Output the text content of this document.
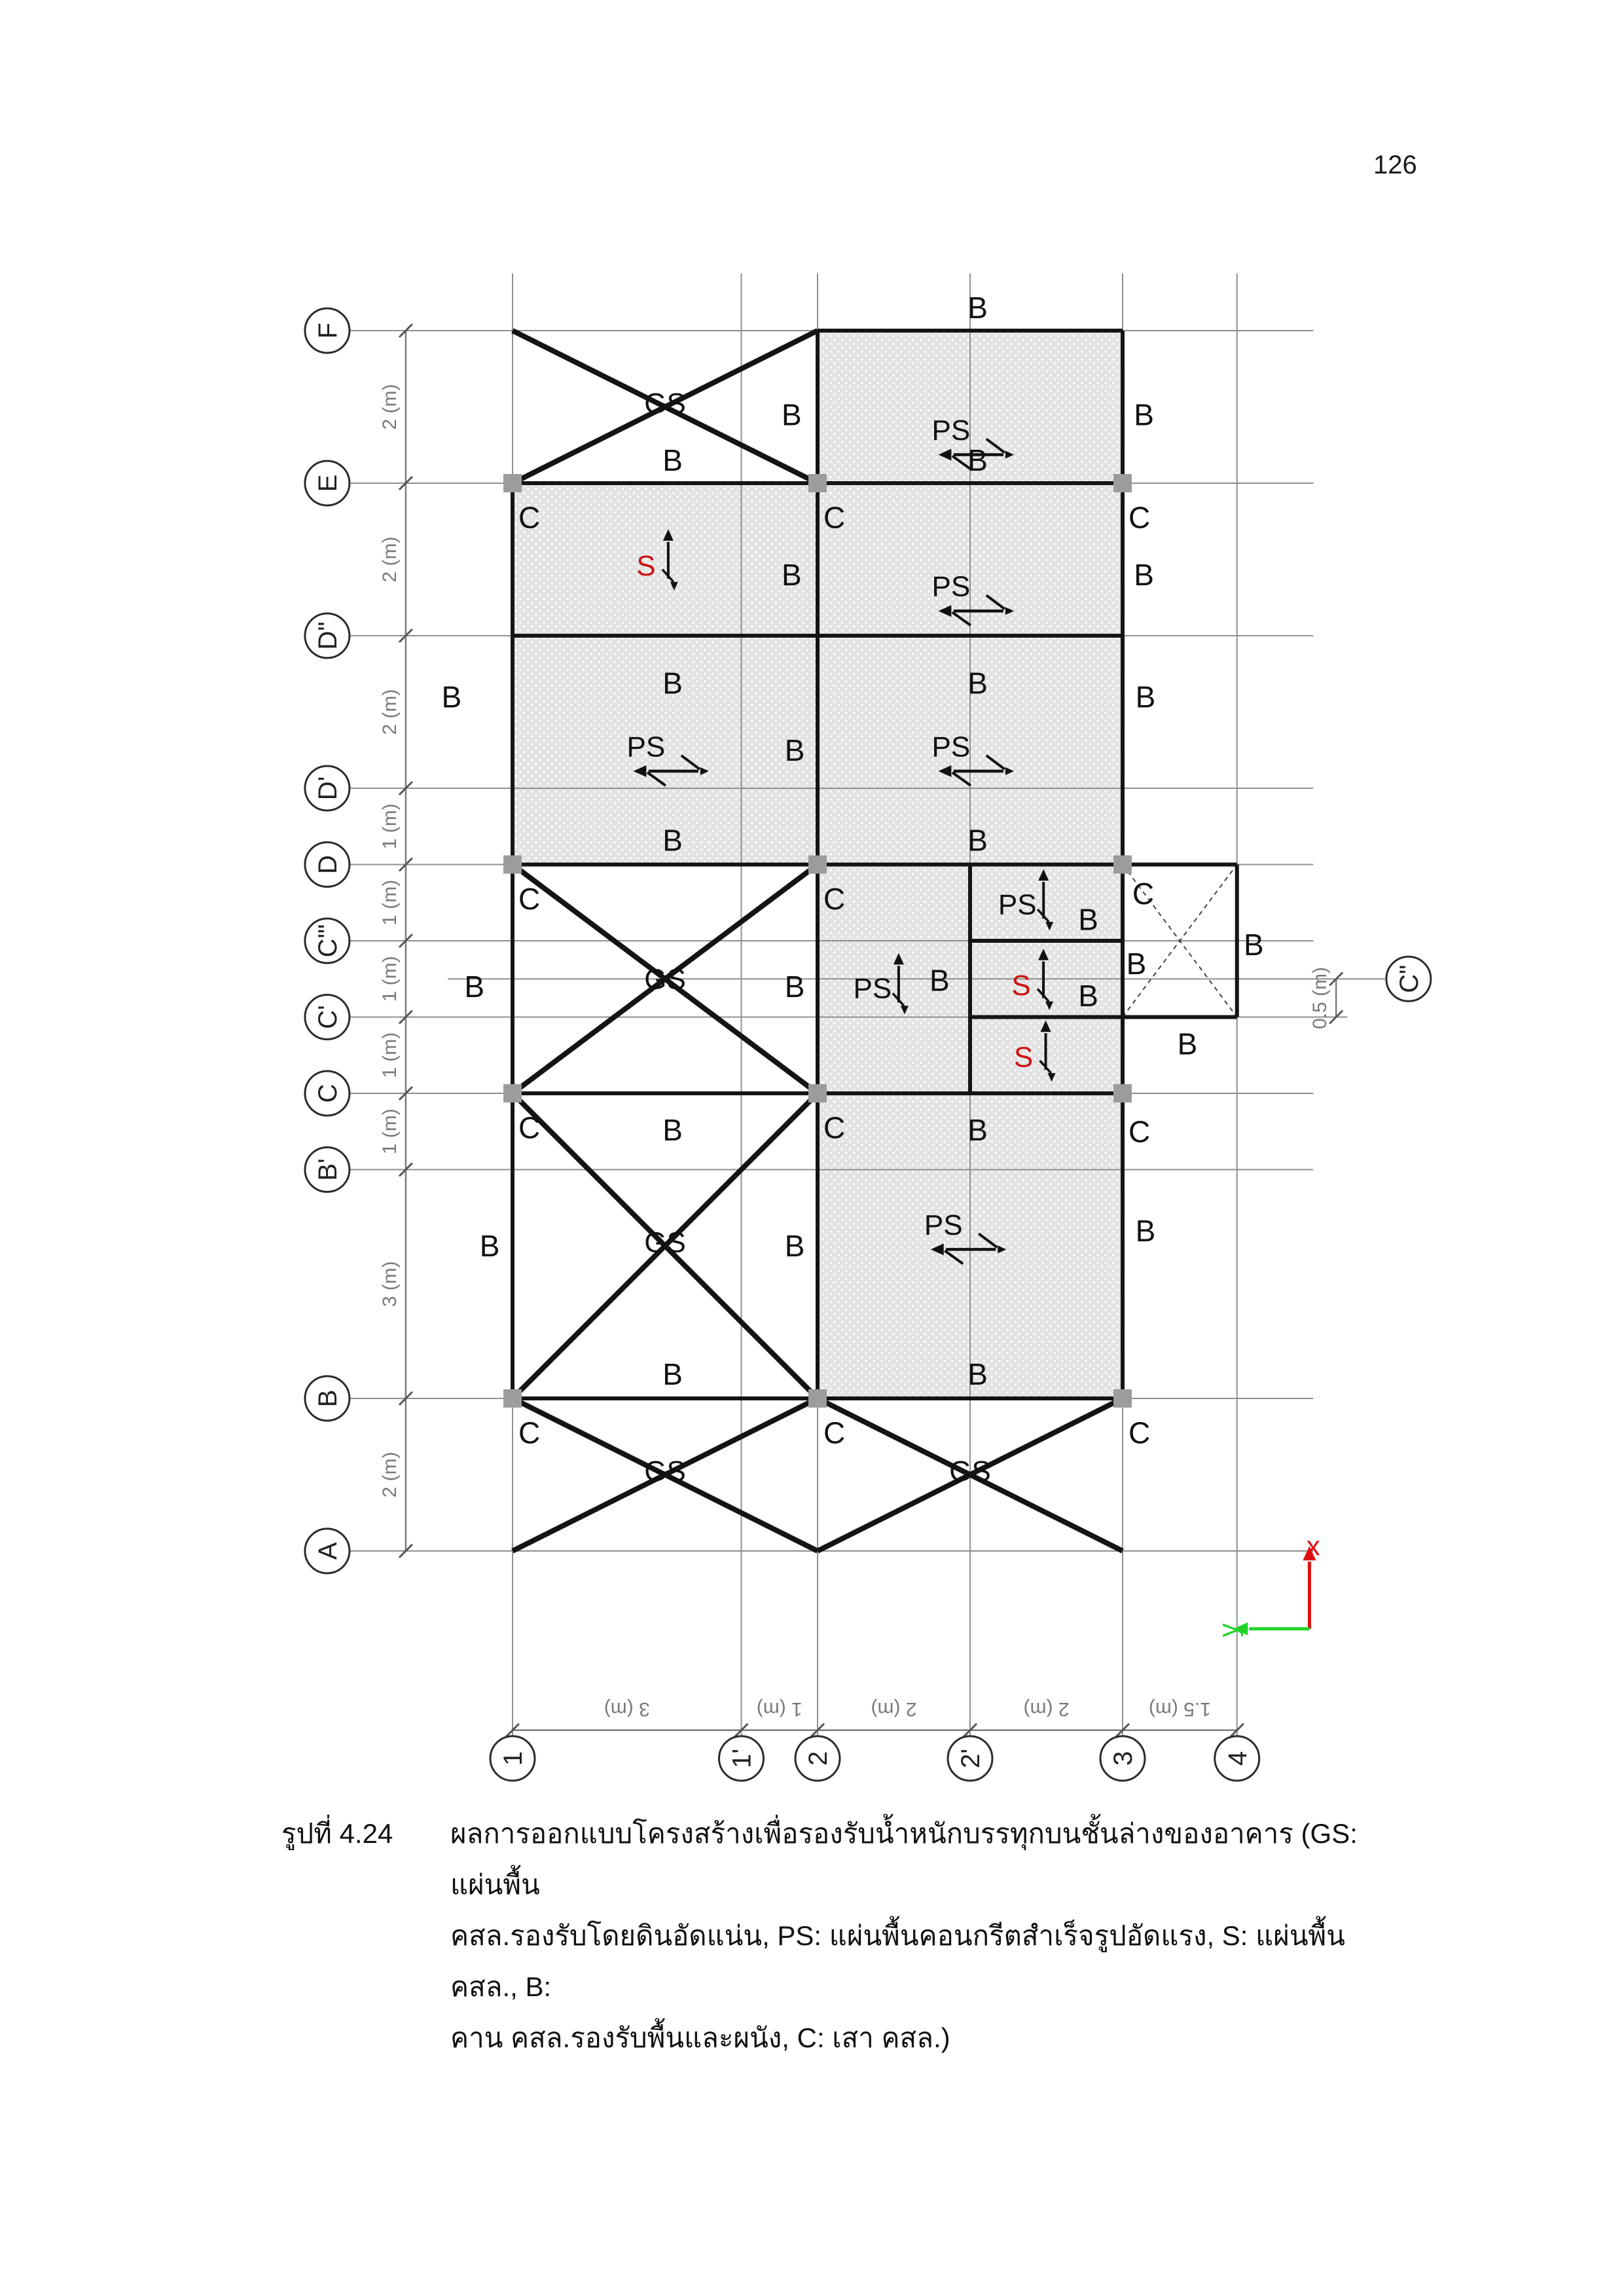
126
2 (m)
2 (m)
2 (m)
1 (m)
1 (m)
1 (m)
1 (m)
1 (m)
3 (m)
2 (m)
3 (m)	1 (m)	2 (m)	2 (m)	1.5 (m)
0.5 (m)
F
E
D"
D'
D
C'"
C'
C
B'
B
A
1	1' 2	2'	3	4
C"
GS
GS
GS
GS	GS
B
B	B
B	B
B	B
B	B
B	B
B
B	B
B
B	B	B	B
B
B
B
B	B
B	B	B
B	B
C	C	C
C	C	C
C	C	C
C	C	C
PS
PS
PS	PS
PS
PS
PS
S
S
S
x
y
รูปที่ 4.24	ผลการออกแบบโครงสร้างเพื่อรองรับน้ำหนักบรรทุกบนชั้นล่างของอาคาร (GS: แผ่นพื้น
คสล.รองรับโดยดินอัดแน่น, PS: แผ่นพื้นคอนกรีตสำเร็จรูปอัดแรง, S: แผ่นพื้น คสล., B:
คาน คสล.รองรับพื้นและผนัง, C: เสา คสล.)
